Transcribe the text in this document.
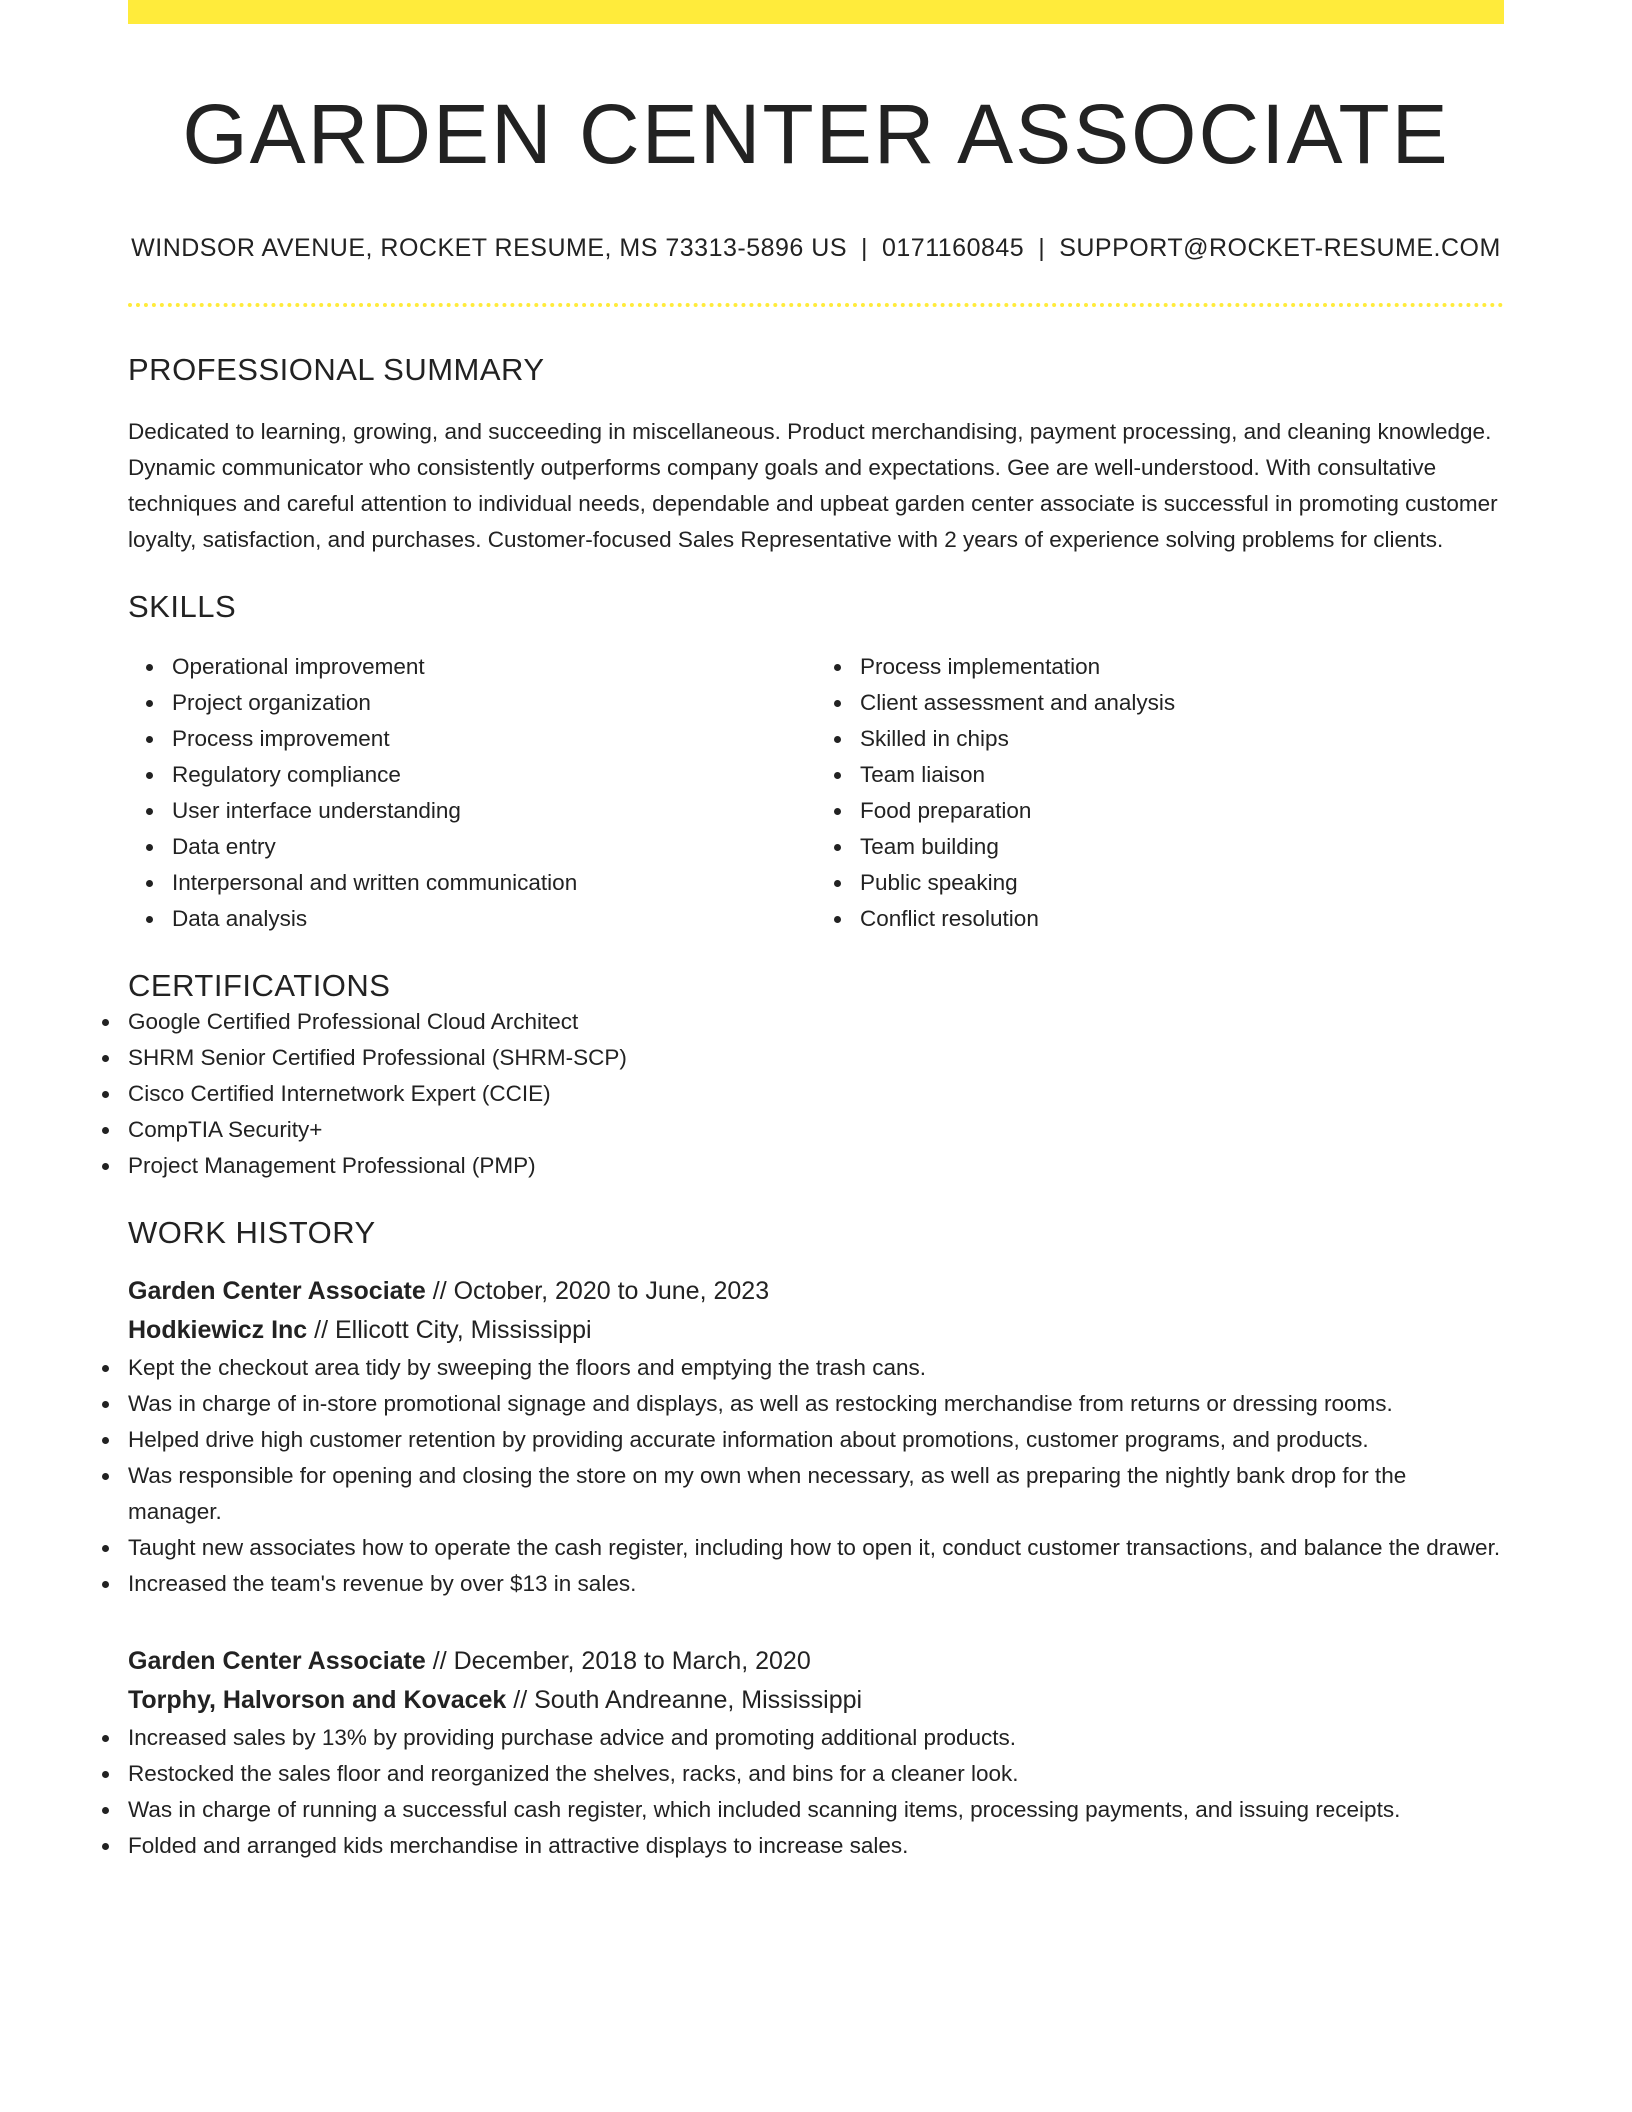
GARDEN CENTER ASSOCIATE
WINDSOR AVENUE, ROCKET RESUME, MS 73313-5896 US | 0171160845 | SUPPORT@ROCKET-RESUME.COM
PROFESSIONAL SUMMARY
Dedicated to learning, growing, and succeeding in miscellaneous. Product merchandising, payment processing, and cleaning knowledge. Dynamic communicator who consistently outperforms company goals and expectations. Gee are well-understood. With consultative techniques and careful attention to individual needs, dependable and upbeat garden center associate is successful in promoting customer loyalty, satisfaction, and purchases. Customer-focused Sales Representative with 2 years of experience solving problems for clients.
SKILLS
Operational improvement
Project organization
Process improvement
Regulatory compliance
User interface understanding
Data entry
Interpersonal and written communication
Data analysis
Process implementation
Client assessment and analysis
Skilled in chips
Team liaison
Food preparation
Team building
Public speaking
Conflict resolution
CERTIFICATIONS
Google Certified Professional Cloud Architect
SHRM Senior Certified Professional (SHRM-SCP)
Cisco Certified Internetwork Expert (CCIE)
CompTIA Security+
Project Management Professional (PMP)
WORK HISTORY
Garden Center Associate // October, 2020 to June, 2023
Hodkiewicz Inc // Ellicott City, Mississippi
Kept the checkout area tidy by sweeping the floors and emptying the trash cans.
Was in charge of in-store promotional signage and displays, as well as restocking merchandise from returns or dressing rooms.
Helped drive high customer retention by providing accurate information about promotions, customer programs, and products.
Was responsible for opening and closing the store on my own when necessary, as well as preparing the nightly bank drop for the manager.
Taught new associates how to operate the cash register, including how to open it, conduct customer transactions, and balance the drawer.
Increased the team's revenue by over $13 in sales.
Garden Center Associate // December, 2018 to March, 2020
Torphy, Halvorson and Kovacek // South Andreanne, Mississippi
Increased sales by 13% by providing purchase advice and promoting additional products.
Restocked the sales floor and reorganized the shelves, racks, and bins for a cleaner look.
Was in charge of running a successful cash register, which included scanning items, processing payments, and issuing receipts.
Folded and arranged kids merchandise in attractive displays to increase sales.
